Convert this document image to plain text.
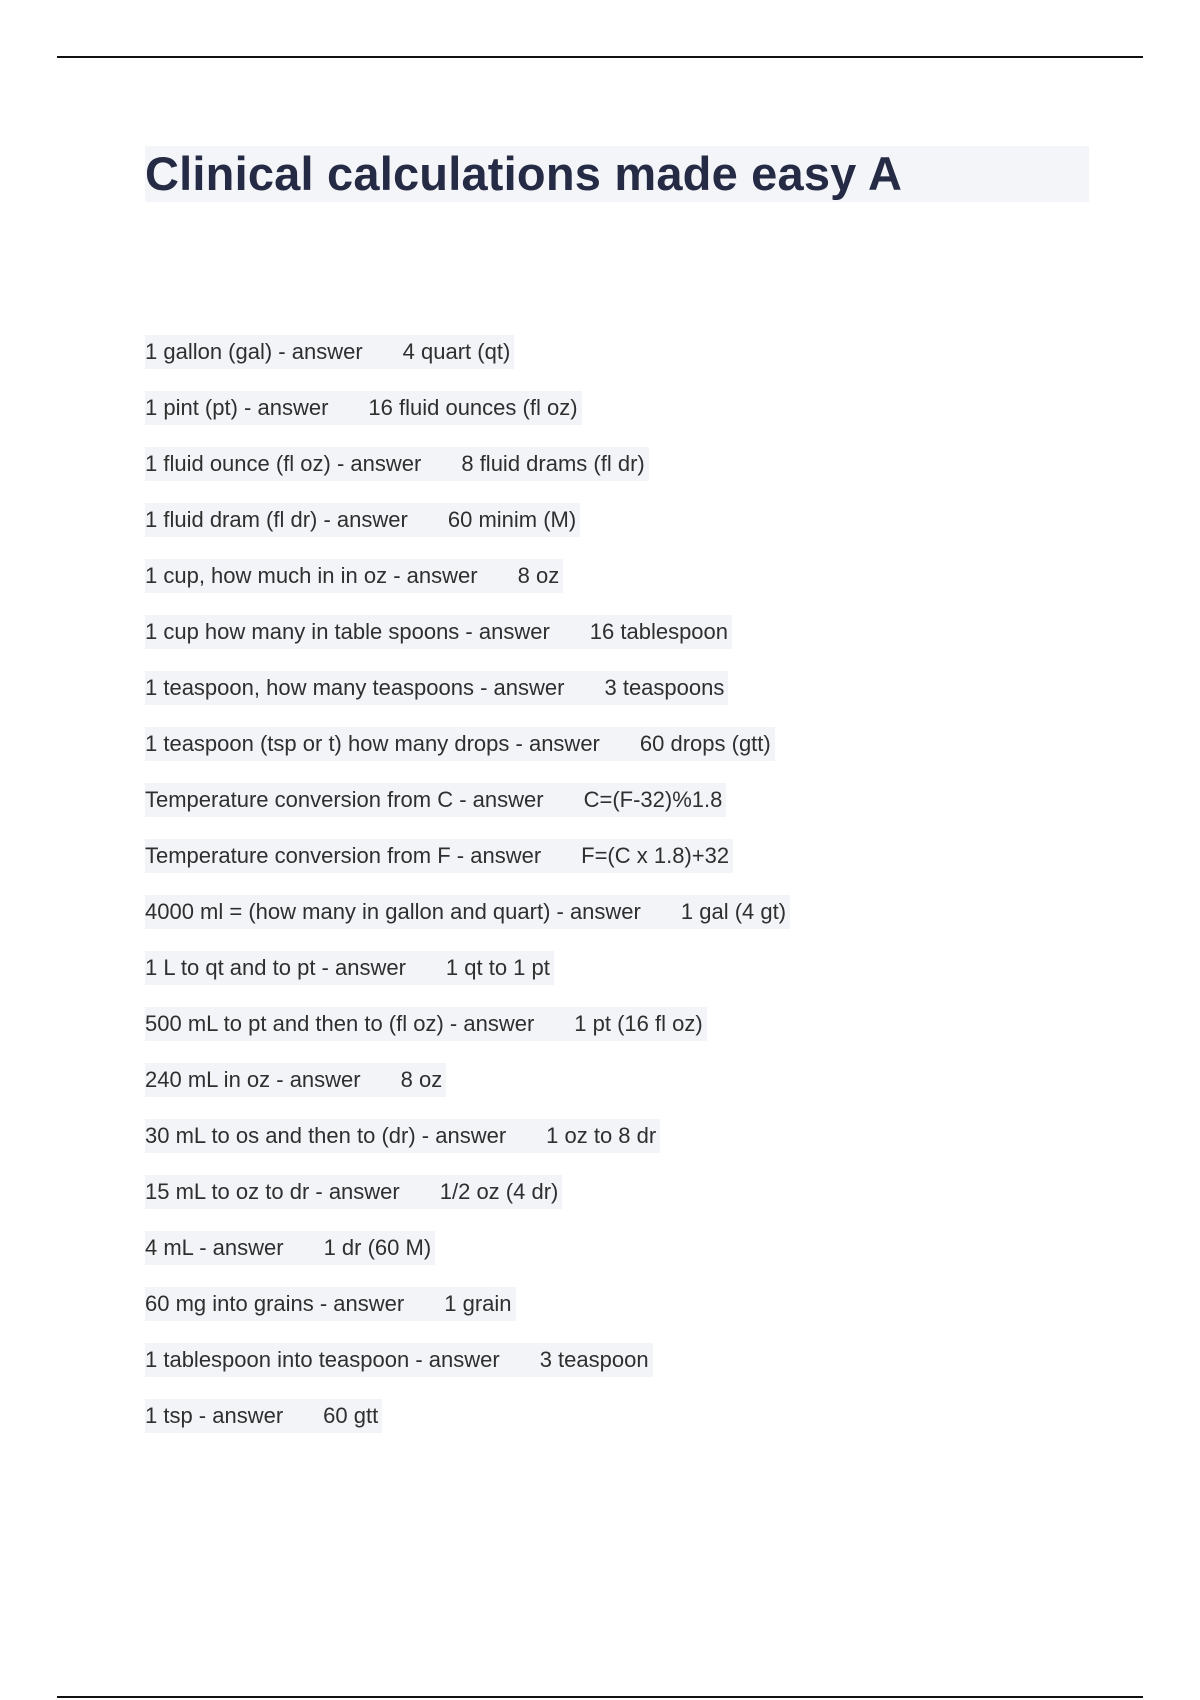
Clinical calculations made easy A
1 gallon (gal) - answer 4 quart (qt)
1 pint (pt) - answer 16 fluid ounces (fl oz)
1 fluid ounce (fl oz) - answer 8 fluid drams (fl dr)
1 fluid dram (fl dr) - answer 60 minim (M)
1 cup, how much in in oz - answer 8 oz
1 cup how many in table spoons - answer 16 tablespoon
1 teaspoon, how many teaspoons - answer 3 teaspoons
1 teaspoon (tsp or t) how many drops - answer 60 drops (gtt)
Temperature conversion from C - answer C=(F-32)%1.8
Temperature conversion from F - answer F=(C x 1.8)+32
4000 ml = (how many in gallon and quart) - answer 1 gal (4 gt)
1 L to qt and to pt - answer 1 qt to 1 pt
500 mL to pt and then to (fl oz) - answer 1 pt (16 fl oz)
240 mL in oz - answer 8 oz
30 mL to os and then to (dr) - answer 1 oz to 8 dr
15 mL to oz to dr - answer 1/2 oz (4 dr)
4 mL - answer 1 dr (60 M)
60 mg into grains - answer 1 grain
1 tablespoon into teaspoon - answer 3 teaspoon
1 tsp - answer 60 gtt
